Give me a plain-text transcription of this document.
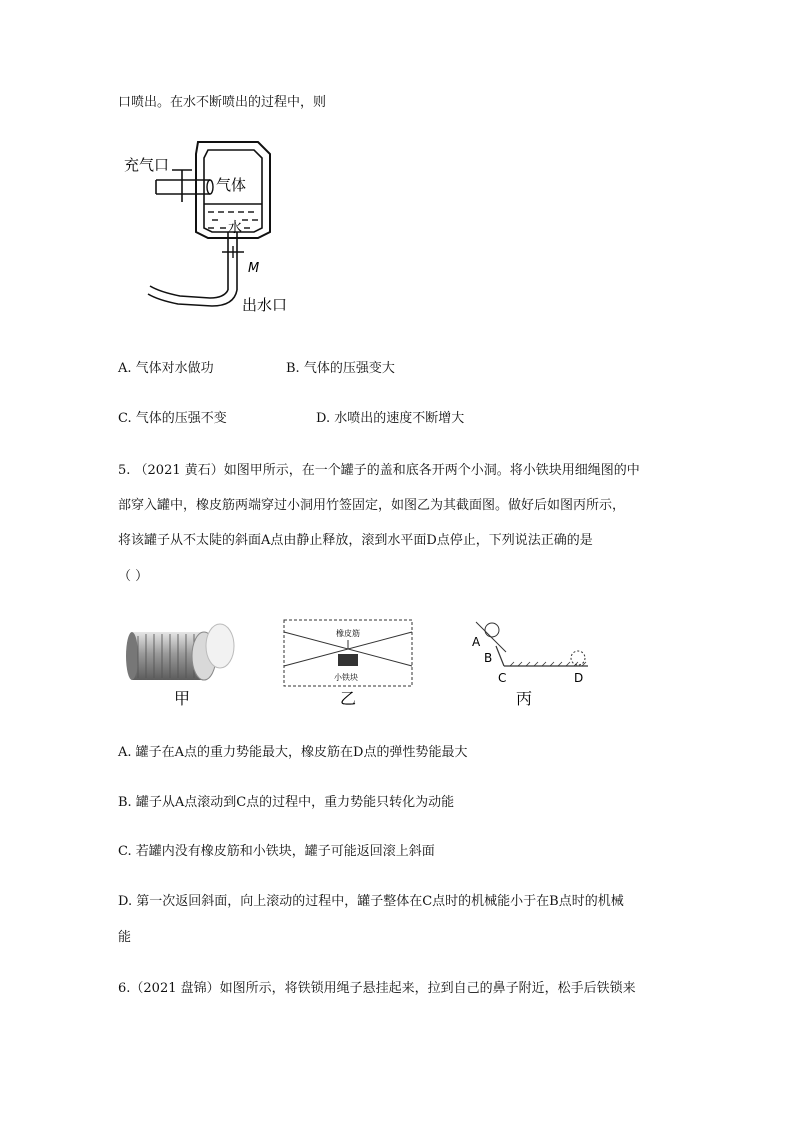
口喷出。在水不断喷出的过程中，则
充气口
气体
水
M
出水口
A. 气体对水做功	B. 气体的压强变大
C. 气体的压强不变	D. 水喷出的速度不断增大
5. （2021 黄石）如图甲所示，在一个罐子的盖和底各开两个小洞。将小铁块用细绳图的中
部穿入罐中，橡皮筋两端穿过小洞用竹签固定，如图乙为其截面图。做好后如图丙所示，
将该罐子从不太陡的斜面A点由静止释放，滚到水平面D点停止，下列说法正确的是
（ ）
甲
橡皮筋
小铁块
乙
A
B
C	D
丙
A. 罐子在A点的重力势能最大，橡皮筋在D点的弹性势能最大
B. 罐子从A点滚动到C点的过程中，重力势能只转化为动能
C. 若罐内没有橡皮筋和小铁块，罐子可能返回滚上斜面
D. 第一次返回斜面，向上滚动的过程中，罐子整体在C点时的机械能小于在B点时的机械
能
6.（2021 盘锦）如图所示，将铁锁用绳子悬挂起来，拉到自己的鼻子附近，松手后铁锁来
